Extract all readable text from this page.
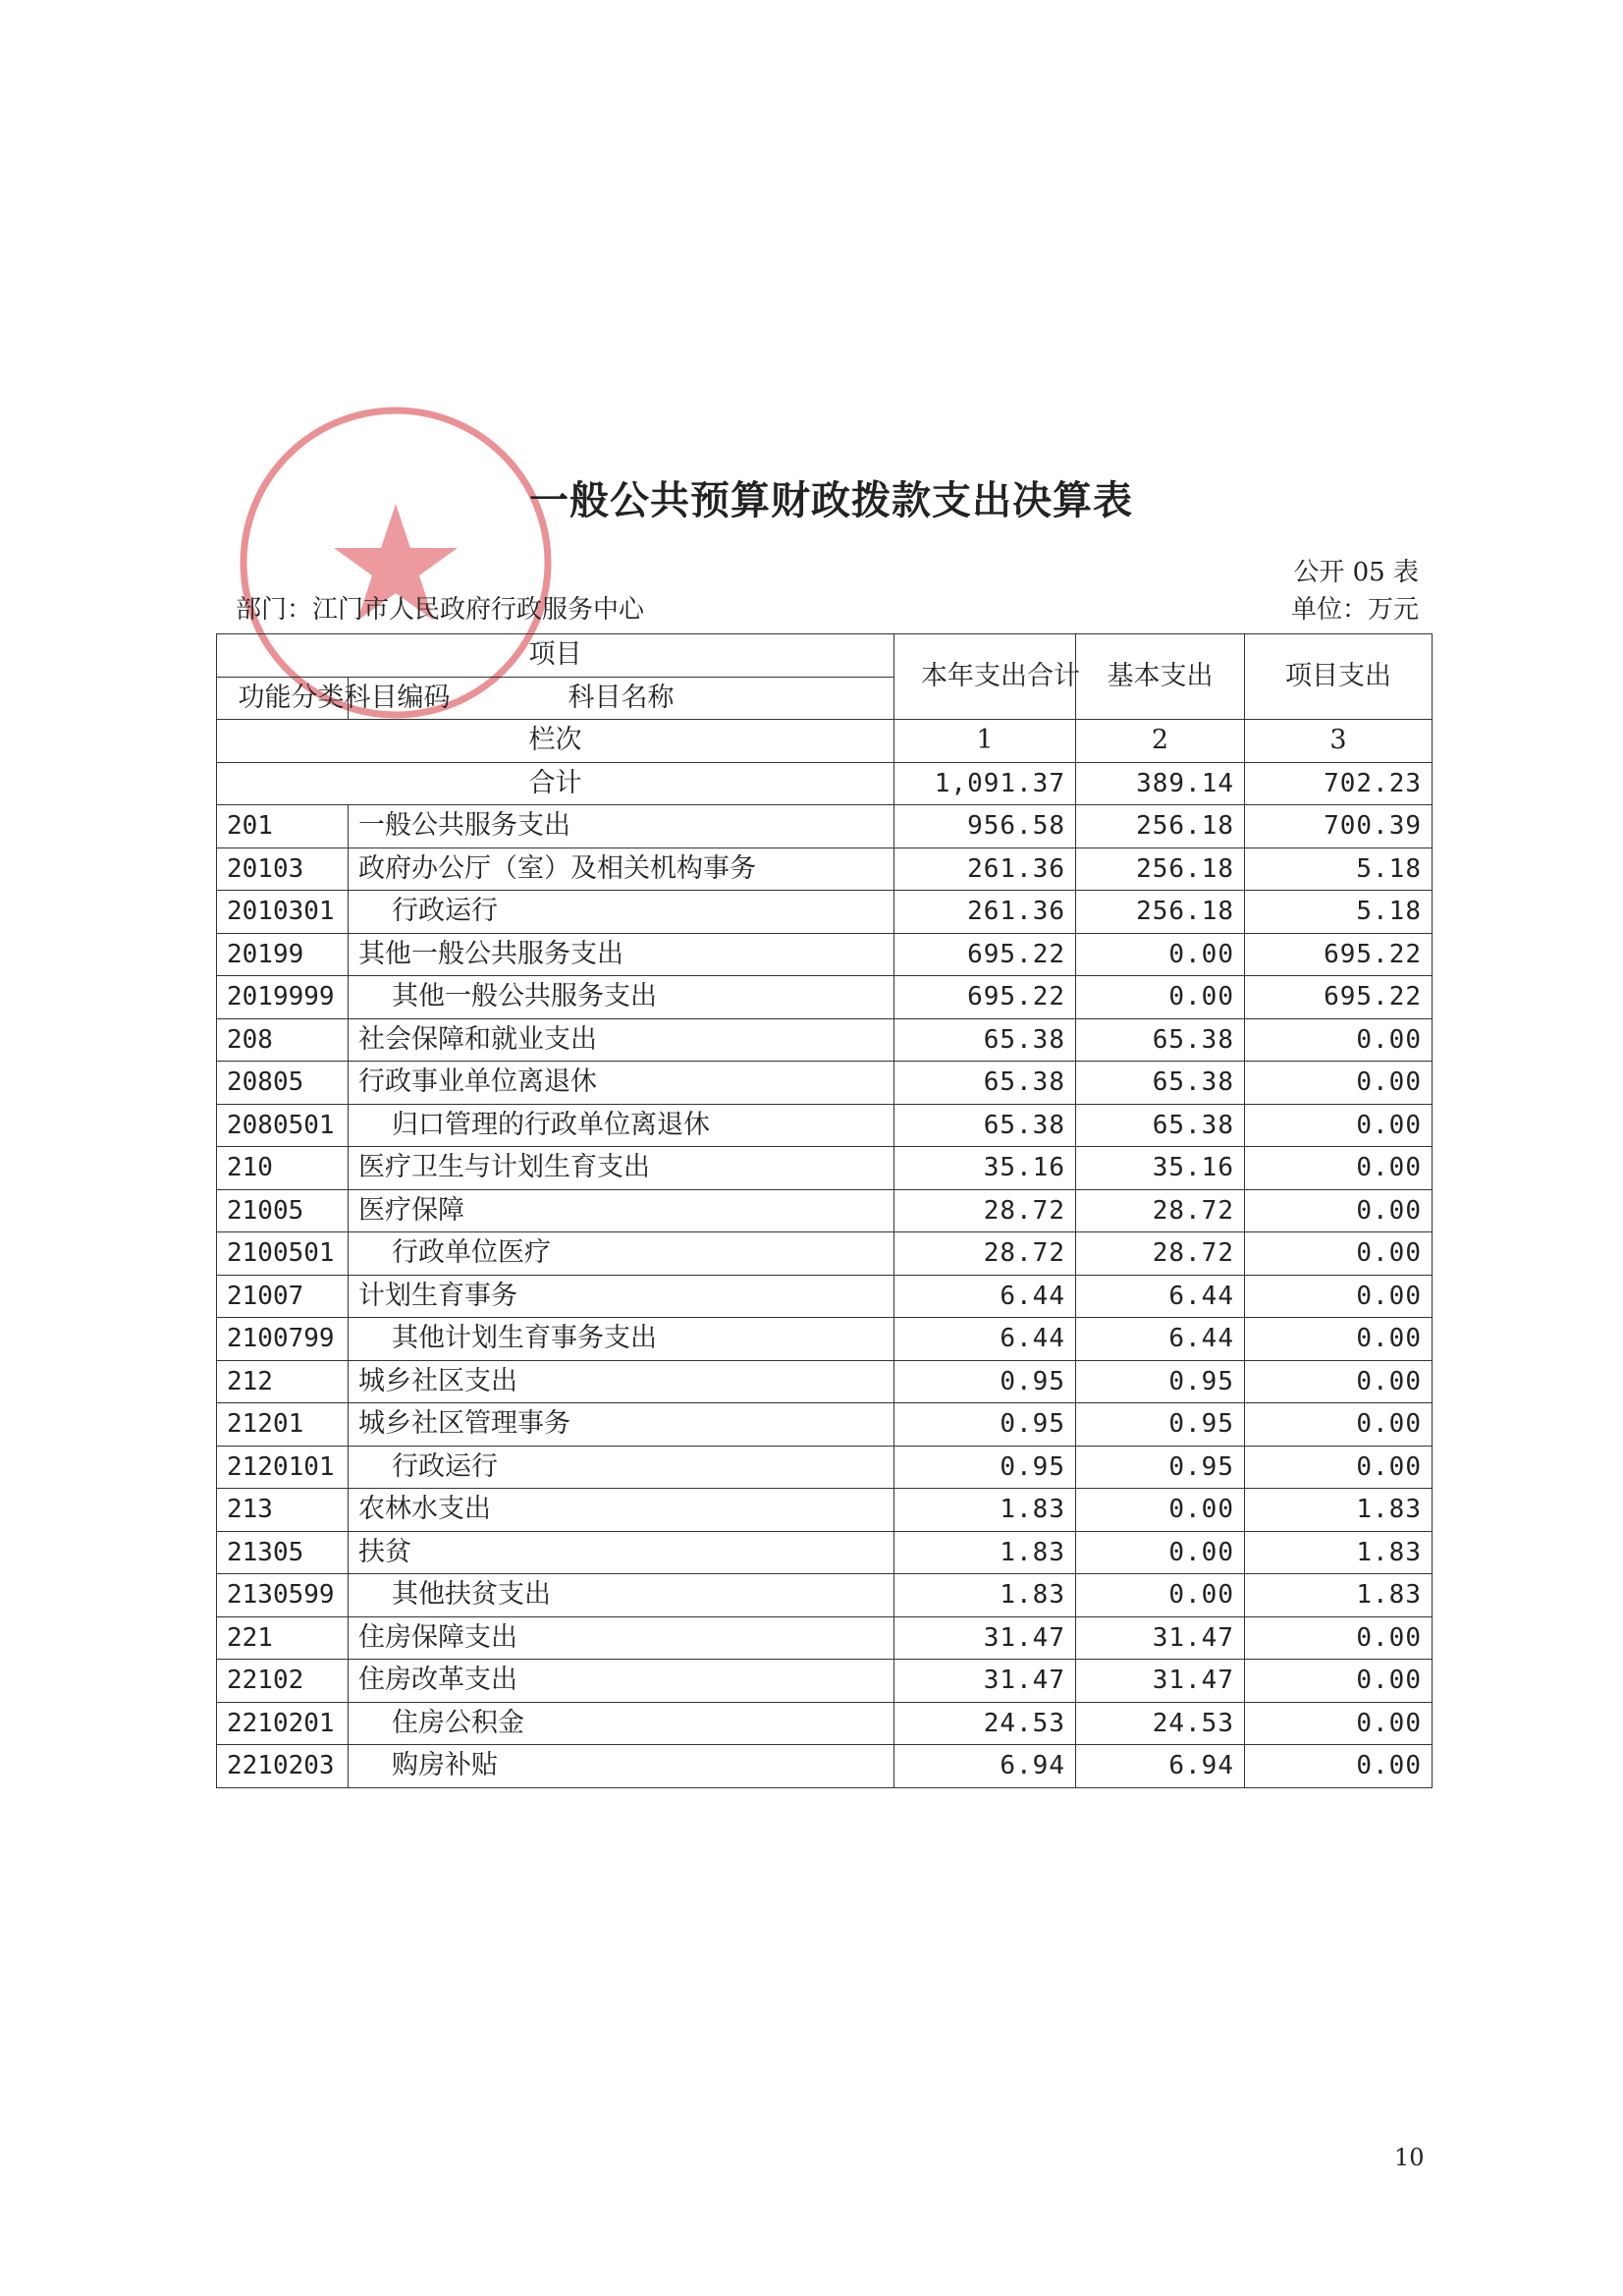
一般公共预算财政拨款支出决算表
公开 05 表
部门：江门市人民政府行政服务中心	单位：万元
项目		本年支出合计	基本支出	项目支出
功能分类科目编码	科目名称			
栏次		1	2	3
合计		1,091.37	389.14	702.23
201	一般公共服务支出	956.58	256.18	700.39
20103	政府办公厅（室）及相关机构事务	261.36	256.18	5.18
2010301	行政运行	261.36	256.18	5.18
20199	其他一般公共服务支出	695.22	0.00	695.22
2019999	其他一般公共服务支出	695.22	0.00	695.22
208	社会保障和就业支出	65.38	65.38	0.00
20805	行政事业单位离退休	65.38	65.38	0.00
2080501	归口管理的行政单位离退休	65.38	65.38	0.00
210	医疗卫生与计划生育支出	35.16	35.16	0.00
21005	医疗保障	28.72	28.72	0.00
2100501	行政单位医疗	28.72	28.72	0.00
21007	计划生育事务	6.44	6.44	0.00
2100799	其他计划生育事务支出	6.44	6.44	0.00
212	城乡社区支出	0.95	0.95	0.00
21201	城乡社区管理事务	0.95	0.95	0.00
2120101	行政运行	0.95	0.95	0.00
213	农林水支出	1.83	0.00	1.83
21305	扶贫	1.83	0.00	1.83
2130599	其他扶贫支出	1.83	0.00	1.83
221	住房保障支出	31.47	31.47	0.00
22102	住房改革支出	31.47	31.47	0.00
2210201	住房公积金	24.53	24.53	0.00
2210203	购房补贴	6.94	6.94	0.00
10
